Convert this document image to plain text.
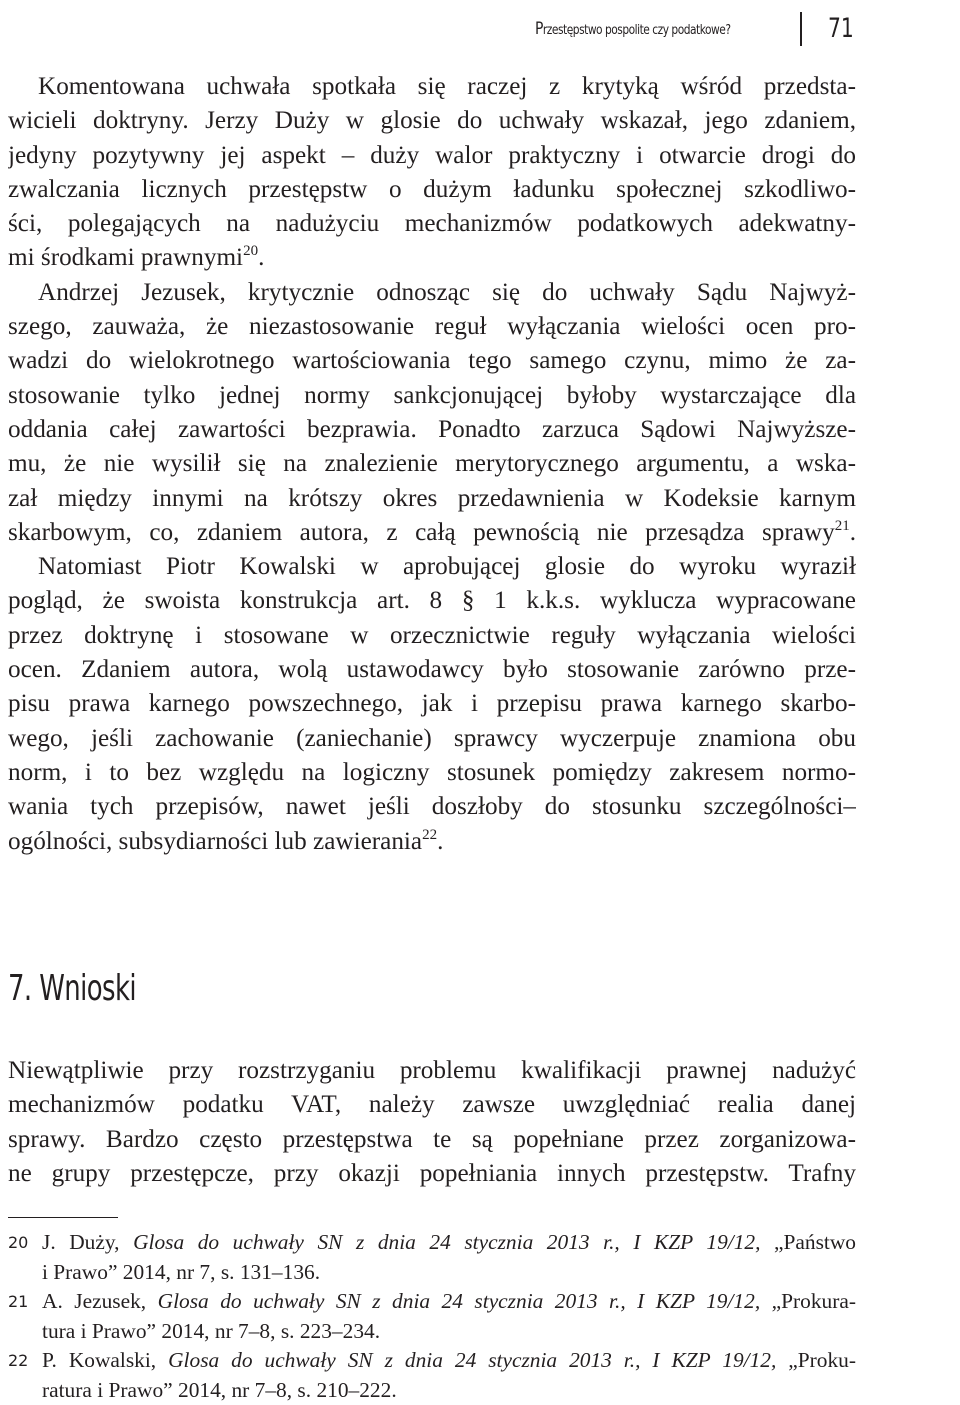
Przestępstwo pospolite czy podatkowe?	71
Komentowana uchwała spotkała się raczej z krytyką wśród przedsta-
wicieli doktryny. Jerzy Duży w glosie do uchwały wskazał, jego zdaniem,
jedyny pozytywny jej aspekt – duży walor praktyczny i otwarcie drogi do
zwalczania licznych przestępstw o dużym ładunku społecznej szkodliwo-
ści, polegających na nadużyciu mechanizmów podatkowych adekwatny-
mi środkami prawnymi$^{20}$.
Andrzej Jezusek, krytycznie odnosząc się do uchwały Sądu Najwyż-
szego, zauważa, że niezastosowanie reguł wyłączania wielości ocen pro-
wadzi do wielokrotnego wartościowania tego samego czynu, mimo że za-
stosowanie tylko jednej normy sankcjonującej byłoby wystarczające dla
oddania całej zawartości bezprawia. Ponadto zarzuca Sądowi Najwyższe-
mu, że nie wysilił się na znalezienie merytorycznego argumentu, a wska-
zał między innymi na krótszy okres przedawnienia w Kodeksie karnym
skarbowym, co, zdaniem autora, z całą pewnością nie przesądza sprawy$^{21}$.
Natomiast Piotr Kowalski w aprobującej glosie do wyroku wyraził
pogląd, że swoista konstrukcja art. 8 § 1 k.k.s. wyklucza wypracowane
przez doktrynę i stosowane w orzecznictwie reguły wyłączania wielości
ocen. Zdaniem autora, wolą ustawodawcy było stosowanie zarówno prze-
pisu prawa karnego powszechnego, jak i przepisu prawa karnego skarbo-
wego, jeśli zachowanie (zaniechanie) sprawcy wyczerpuje znamiona obu
norm, i to bez względu na logiczny stosunek pomiędzy zakresem normo-
wania tych przepisów, nawet jeśli doszłoby do stosunku szczególności–
ogólności, subsydiarności lub zawierania$^{22}$.
7. Wnioski
Niewątpliwie przy rozstrzyganiu problemu kwalifikacji prawnej nadużyć
mechanizmów podatku VAT, należy zawsze uwzględniać realia danej
sprawy. Bardzo często przestępstwa te są popełniane przez zorganizowa-
ne grupy przestępcze, przy okazji popełniania innych przestępstw. Trafny
20 J. Duży, Glosa do uchwały SN z dnia 24 stycznia 2013 r., I KZP 19/12, „Państwo
i Prawo” 2014, nr 7, s. 131–136.
21 A. Jezusek, Glosa do uchwały SN z dnia 24 stycznia 2013 r., I KZP 19/12, „Prokura-
tura i Prawo” 2014, nr 7–8, s. 223–234.
22 P. Kowalski, Glosa do uchwały SN z dnia 24 stycznia 2013 r., I KZP 19/12, „Proku-
ratura i Prawo” 2014, nr 7–8, s. 210–222.
